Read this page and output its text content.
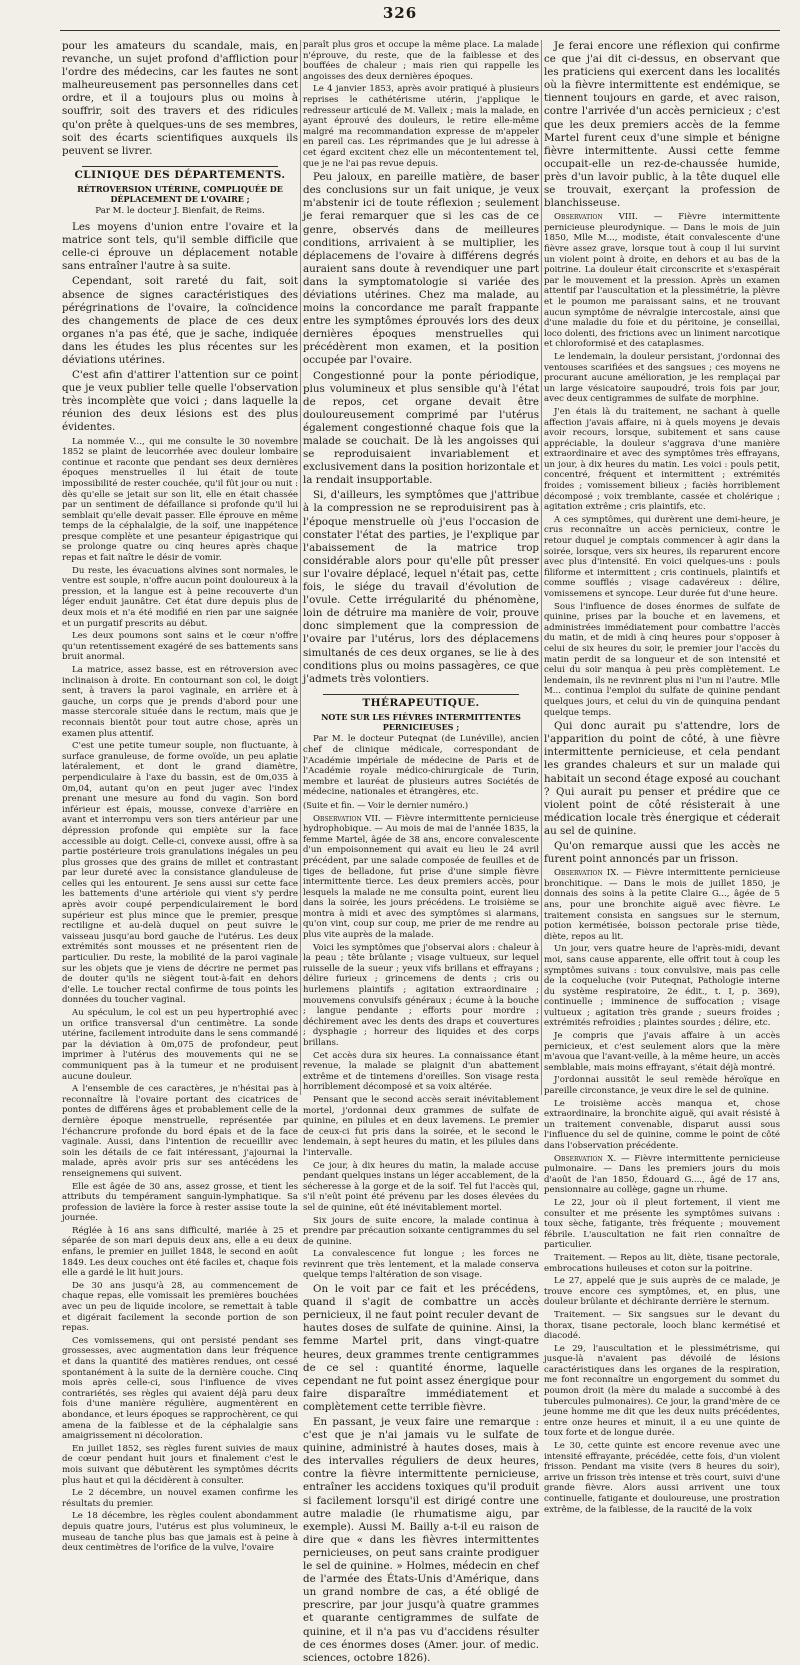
326

pour les amateurs du scandale, mais, en revanche, un sujet profond d'affliction pour l'ordre des médecins, car les fautes ne sont malheureusement pas personnelles dans cet ordre, et il a toujours plus ou moins à souffrir, soit des travers et des ridicules qu'on prête à quelques-uns de ses membres, soit des écarts scientifiques auxquels ils peuvent se livrer.

CLINIQUE DES DÉPARTEMENTS.
RÉTROVERSION UTÉRINE, COMPLIQUÉE DE DÉPLACEMENT DE L'OVAIRE ;
Par M. le docteur J. Bienfait, de Reims.

Les moyens d'union entre l'ovaire et la matrice sont tels, qu'il semble difficile que celle-ci éprouve un déplacement notable sans entraîner l'autre à sa suite.

Cependant, soit rareté du fait, soit absence de signes caractéristiques des pérégrinations de l'ovaire, la coïncidence des changements de place de ces deux organes n'a pas été, que je sache, indiquée dans les études les plus récentes sur les déviations utérines.

C'est afin d'attirer l'attention sur ce point que je veux publier telle quelle l'observation très incomplète que voici ; dans laquelle la réunion des deux lésions est des plus évidentes.

La nommée V..., qui me consulte le 30 novembre 1852 se plaint de leucorrhée avec douleur lombaire continue et raconte que pendant ses deux dernières époques menstruelles il lui était de toute impossibilité de rester couchée, qu'il fût jour ou nuit : dès qu'elle se jetait sur son lit, elle en était chassée par un sentiment de défaillance si profonde qu'il lui semblait qu'elle devait passer. Elle éprouve en même temps de la céphalalgie, de la soif, une inappétence presque complète et une pesanteur épigastrique qui se prolonge quatre ou cinq heures après chaque repas et fait naître le désir de vomir.

Du reste, les évacuations alvines sont normales, le ventre est souple, n'offre aucun point douloureux à la pression, et la langue est à peine recouverte d'un léger enduit jaunâtre. Cet état dure depuis plus de deux mois et n'a été modifié en rien par une saignée et un purgatif prescrits au début.

Les deux poumons sont sains et le cœur n'offre qu'un retentissement exagéré de ses battements sans bruit anormal.

La matrice, assez basse, est en rétroversion avec inclinaison à droite. En contournant son col, le doigt sent, à travers la paroi vaginale, en arrière et à gauche, un corps que je prends d'abord pour une masse stercorale située dans le rectum, mais que je reconnais bientôt pour tout autre chose, après un examen plus attentif.

C'est une petite tumeur souple, non fluctuante, à surface granuleuse, de forme ovoïde, un peu aplatie latéralement, et dont le grand diamètre, perpendiculaire à l'axe du bassin, est de 0m,035 à 0m,04, autant qu'on en peut juger avec l'index prenant une mesure au fond du vagin. Son bord inférieur est épais, mousse, convexe d'arrière en avant et interrompu vers son tiers antérieur par une dépression profonde qui empiète sur la face accessible au doigt. Celle-ci, convexe aussi, offre à sa partie postérieure trois granulations inégales un peu plus grosses que des grains de millet et contrastant par leur dureté avec la consistance glanduleuse de celles qui les entourent. Je sens aussi sur cette face les battements d'une artériole qui vient s'y perdre après avoir coupé perpendiculairement le bord supérieur est plus mince que le premier, presque rectiligne et au-delà duquel on peut suivre le vaisseau jusqu'au bord gauche de l'utérus. Les deux extrémités sont mousses et ne présentent rien de particulier. Du reste, la mobilité de la paroi vaginale sur les objets que je viens de décrire ne permet pas de douter qu'ils ne siègent tout-à-fait en dehors d'elle. Le toucher rectal confirme de tous points les données du toucher vaginal.

Au spéculum, le col est un peu hypertrophié avec un orifice transversal d'un centimètre. La sonde utérine, facilement introduite dans le sens commandé par la déviation à 0m,075 de profondeur, peut imprimer à l'utérus des mouvements qui ne se communiquent pas à la tumeur et ne produisent aucune douleur.

A l'ensemble de ces caractères, je n'hésitai pas à reconnaître là l'ovaire portant des cicatrices de pontes de différens âges et probablement celle de la dernière époque menstruelle, représentée par l'échancrure profonde du bord épais et de la face vaginale. Aussi, dans l'intention de recueillir avec soin les détails de ce fait intéressant, j'ajournai la malade, après avoir pris sur ses antécédens les renseignemens qui suivent.

Elle est âgée de 30 ans, assez grosse, et tient les attributs du tempérament sanguin-lymphatique. Sa profession de lavière la force à rester assise toute la journée.

Réglée à 16 ans sans difficulté, mariée à 25 et séparée de son mari depuis deux ans, elle a eu deux enfans, le premier en juillet 1848, le second en août 1849. Les deux couches ont été faciles et, chaque fois elle a gardé le lit huit jours.

De 30 ans jusqu'à 28, au commencement de chaque repas, elle vomissait les premières bouchées avec un peu de liquide incolore, se remettait à table et digérait facilement la seconde portion de son repas.

Ces vomissemens, qui ont persisté pendant ses grossesses, avec augmentation dans leur fréquence et dans la quantité des matières rendues, ont cessé spontanément à la suite de la dernière couche. Cinq mois après celle-ci, sous l'influence de vives contrariétés, ses règles qui avaient déjà paru deux fois d'une manière régulière, augmentèrent en abondance, et leurs époques se rapprochèrent, ce qui amena de la faiblesse et de la céphalalgie sans amaigrissement ni décoloration.

En juillet 1852, ses règles furent suivies de maux de cœur pendant huit jours et finalement c'est le mois suivant que débutèrent les symptômes décrits plus haut et qui la décidèrent à consulter.

Le 2 décembre, un nouvel examen confirme les résultats du premier.

Le 18 décembre, les règles coulent abondamment depuis quatre jours, l'utérus est plus volumineux, le museau de tanche plus bas que jamais est à peine à deux centimètres de l'orifice de la vulve, l'ovaire

paraît plus gros et occupe la même place. La malade n'éprouve, du reste, que de la faiblesse et des bouffées de chaleur ; mais rien qui rappelle les angoisses des deux dernières époques.

Le 4 janvier 1853, après avoir pratiqué à plusieurs reprises le cathétérisme utérin, j'applique le redresseur articulé de M. Valleix ; mais la malade, en ayant éprouvé des douleurs, le retire elle-même malgré ma recommandation expresse de m'appeler en pareil cas. Les réprimandes que je lui adresse à cet égard excitent chez elle un mécontentement tel, que je ne l'ai pas revue depuis.

Peu jaloux, en pareille matière, de baser des conclusions sur un fait unique, je veux m'abstenir ici de toute réflexion ; seulement je ferai remarquer que si les cas de ce genre, observés dans de meilleures conditions, arrivaient à se multiplier, les déplacemens de l'ovaire à différens degrés auraient sans doute à revendiquer une part dans la symptomatologie si variée des déviations utérines. Chez ma malade, au moins la concordance me paraît frappante entre les symptômes éprouvés lors des deux dernières époques menstruelles qui précédèrent mon examen, et la position occupée par l'ovaire.

Congestionné pour la ponte périodique, plus volumineux et plus sensible qu'à l'état de repos, cet organe devait être douloureusement comprimé par l'utérus également congestionné chaque fois que la malade se couchait. De là les angoisses qui se reproduisaient invariablement et exclusivement dans la position horizontale et la rendait insupportable.

Si, d'ailleurs, les symptômes que j'attribue à la compression ne se reproduisirent pas à l'époque menstruelle où j'eus l'occasion de constater l'état des parties, je l'explique par l'abaissement de la matrice trop considérable alors pour qu'elle pût presser sur l'ovaire déplacé, lequel n'était pas, cette fois, le siége du travail d'évolution de l'ovule. Cette irrégularité du phénomène, loin de détruire ma manière de voir, prouve donc simplement que la compression de l'ovaire par l'utérus, lors des déplacemens simultanés de ces deux organes, se lie à des conditions plus ou moins passagères, ce que j'admets très volontiers.

THÉRAPEUTIQUE.
NOTE SUR LES FIÈVRES INTERMITTENTES PERNICIEUSES ;

Par M. le docteur Puteqnat (de Lunéville), ancien chef de clinique médicale, correspondant de l'Académie impériale de médecine de Paris et de l'Académie royale médico-chirurgicale de Turin, membre et lauréat de plusieurs autres Sociétés de médecine, nationales et étrangères, etc.

(Suite et fin. — Voir le dernier numéro.)

Observation VII. — Fièvre intermittente pernicieuse hydrophobique. — Au mois de mai de l'année 1835, la femme Martel, âgée de 38 ans, encore convalescente d'un empoisonnement qui avait eu lieu le 24 avril précédent, par une salade composée de feuilles et de tiges de belladone, fut prise d'une simple fièvre intermittente tierce. Les deux premiers accès, pour lesquels la malade ne me consulta point, eurent lieu dans la soirée, les jours précédens. Le troisième se montra à midi et avec des symptômes si alarmans, qu'on vint, coup sur coup, me prier de me rendre au plus vite auprès de la malade.

Voici les symptômes que j'observai alors : chaleur à la peau ; tête brûlante ; visage vultueux, sur lequel ruisselle de la sueur ; yeux vifs brillans et effrayans ; délire furieux ; grincemens de dents ; cris ou hurlemens plaintifs ; agitation extraordinaire ; mouvemens convulsifs généraux ; écume à la bouche ; langue pendante ; efforts pour mordre ; déchirement avec les dents des draps et couvertures ; dysphagie ; horreur des liquides et des corps brillans.

Cet accès dura six heures. La connaissance étant revenue, la malade se plaignit d'un abattement extrême et de tintemens d'oreilles. Son visage resta horriblement décomposé et sa voix altérée.

Pensant que le second accès serait inévitablement mortel, j'ordonnai deux grammes de sulfate de quinine, en pilules et en deux lavemens. Le premier de ceux-ci fut pris dans la soirée, et le second le lendemain, à sept heures du matin, et les pilules dans l'intervalle.

Ce jour, à dix heures du matin, la malade accuse pendant quelques instans un léger accablement, de la sécheresse à la gorge et de la soif. Tel fut l'accès qui, s'il n'eût point été prévenu par les doses élevées du sel de quinine, eût été inévitablement mortel.

Six jours de suite encore, la malade continua à prendre par précaution soixante centigrammes du sel de quinine.

La convalescence fut longue ; les forces ne revinrent que très lentement, et la malade conserva quelque temps l'altération de son visage.

On le voit par ce fait et les précédens, quand il s'agit de combattre un accès pernicieux, il ne faut point reculer devant de hautes doses de sulfate de quinine. Ainsi, la femme Martel prit, dans vingt-quatre heures, deux grammes trente centigrammes de ce sel : quantité énorme, laquelle cependant ne fut point assez énergique pour faire disparaître immédiatement et complètement cette terrible fièvre.

En passant, je veux faire une remarque : c'est que je n'ai jamais vu le sulfate de quinine, administré à hautes doses, mais à des intervalles réguliers de deux heures, contre la fièvre intermittente pernicieuse, entraîner les accidens toxiques qu'il produit si facilement lorsqu'il est dirigé contre une autre maladie (le rhumatisme aigu, par exemple). Aussi M. Bailly a-t-il eu raison de dire que « dans les fièvres intermittentes pernicieuses, on peut sans crainte prodiguer le sel de quinine. » Holmes, médecin en chef de l'armée des États-Unis d'Amérique, dans un grand nombre de cas, a été obligé de prescrire, par jour jusqu'à quatre grammes et quarante centigrammes de sulfate de quinine, et il n'a pas vu d'accidens résulter de ces énormes doses (Amer. jour. of medic. sciences, octobre 1826).

Je ferai encore une réflexion qui confirme ce que j'ai dit ci-dessus, en observant que les praticiens qui exercent dans les localités où la fièvre intermittente est endémique, se tiennent toujours en garde, et avec raison, contre l'arrivée d'un accès pernicieux ; c'est que les deux premiers accès de la femme Martel furent ceux d'une simple et bénigne fièvre intermittente. Aussi cette femme occupait-elle un rez-de-chaussée humide, près d'un lavoir public, à la tête duquel elle se trouvait, exerçant la profession de blanchisseuse.

Observation VIII. — Fièvre intermittente pernicieuse pleurodynique. — Dans le mois de juin 1850, Mlle M..., modiste, était convalescente d'une fièvre assez grave, lorsque tout à coup il lui survint un violent point à droite, en dehors et au bas de la poitrine. La douleur était circonscrite et s'exaspérait par le mouvement et la pression. Après un examen attentif par l'auscultation et la plessimétrie, la plèvre et le poumon me paraissant sains, et ne trouvant aucun symptôme de névralgie intercostale, ainsi que d'une maladie du foie et du péritoine, je conseillai, loco dolenti, des frictions avec un liniment narcotique et chloroformisé et des cataplasmes.

Le lendemain, la douleur persistant, j'ordonnai des ventouses scarifiées et des sangsues ; ces moyens ne procurant aucune amélioration, je les remplaçai par un large vésicatoire saupoudré, trois fois par jour, avec deux centigrammes de sulfate de morphine.

J'en étais là du traitement, ne sachant à quelle affection j'avais affaire, ni à quels moyens je devais avoir recours, lorsque, subitement et sans cause appréciable, la douleur s'aggrava d'une manière extraordinaire et avec des symptômes très effrayans, un jour, à dix heures du matin. Les voici : pouls petit, concentré, fréquent et intermittent ; extrémités froides ; vomissement bilieux ; faciès horriblement décomposé ; voix tremblante, cassée et cholérique ; agitation extrême ; cris plaintifs, etc.

A ces symptômes, qui durèrent une demi-heure, je crus reconnaître un accès pernicieux, contre le retour duquel je comptais commencer à agir dans la soirée, lorsque, vers six heures, ils reparurent encore avec plus d'intensité. En voici quelques-uns : pouls filiforme et intermittent ; cris continuels, plaintifs et comme soufflés ; visage cadavéreux : délire, vomissemens et syncope. Leur durée fut d'une heure.

Sous l'influence de doses énormes de sulfate de quinine, prises par la bouche et en lavemens, et administrées immédiatement pour combattre l'accès du matin, et de midi à cinq heures pour s'opposer à celui de six heures du soir, le premier jour l'accès du matin perdit de sa longueur et de son intensité et celui du soir manqua à peu près complètement. Le lendemain, ils ne revinrent plus ni l'un ni l'autre. Mlle M... continua l'emploi du sulfate de quinine pendant quelques jours, et celui du vin de quinquina pendant quelque temps.

Qui donc aurait pu s'attendre, lors de l'apparition du point de côté, à une fièvre intermittente pernicieuse, et cela pendant les grandes chaleurs et sur un malade qui habitait un second étage exposé au couchant ? Qui aurait pu penser et prédire que ce violent point de côté résisterait à une médication locale très énergique et céderait au sel de quinine.

Qu'on remarque aussi que les accès ne furent point annoncés par un frisson.

Observation IX. — Fièvre intermittente pernicieuse bronchitique. — Dans le mois de juillet 1850, je donnais des soins à la petite Claire G..., âgée de 5 ans, pour une bronchite aiguë avec fièvre. Le traitement consista en sangsues sur le sternum, potion kermétisée, boisson pectorale prise tiède, diète, repos au lit.

Un jour, vers quatre heure de l'après-midi, devant moi, sans cause apparente, elle offrit tout à coup les symptômes suivans : toux convulsive, mais pas celle de la coqueluche (voir Puteqnat, Pathologie interne du système respiratoire, 2e édit., t. I, p. 369), continuelle ; imminence de suffocation ; visage vultueux ; agitation très grande ; sueurs froides ; extrémités refroidies ; plaintes sourdes ; délire, etc.

Je compris que j'avais affaire à un accès pernicieux, et c'est seulement alors que la mère m'avoua que l'avant-veille, à la même heure, un accès semblable, mais moins effrayant, s'était déjà montré.

J'ordonnai aussitôt le seul remède héroïque en pareille circonstance, je veux dire le sel de quinine.

Le troisième accès manqua et, chose extraordinaire, la bronchite aiguë, qui avait résisté à un traitement convenable, disparut aussi sous l'influence du sel de quinine, comme le point de côté dans l'observation précédente.

Observation X. — Fièvre intermittente pernicieuse pulmonaire. — Dans les premiers jours du mois d'août de l'an 1850, Édouard G...., âgé de 17 ans, pensionnaire au collège, gagne un rhume.

Le 22, jour où il pleut fortement, il vient me consulter et me présente les symptômes suivans : toux sèche, fatigante, très fréquente ; mouvement fébrile. L'auscultation ne fait rien connaître de particulier.

Traitement. — Repos au lit, diète, tisane pectorale, embrocations huileuses et coton sur la poitrine.

Le 27, appelé que je suis auprès de ce malade, je trouve encore ces symptômes, et, en plus, une douleur brûlante et déchirante derrière le sternum.

Traitement. — Six sangsues sur le devant du thorax, tisane pectorale, looch blanc kermétisé et diacodé.

Le 29, l'auscultation et le plessimétrisme, qui jusque-là n'avaient pas dévoilé de lésions caractéristiques dans les organes de la respiration, me font reconnaître un engorgement du sommet du poumon droit (la mère du malade a succombé à des tubercules pulmonaires). Ce jour, la grand'mère de ce jeune homme me dit que les deux nuits précédentes, entre onze heures et minuit, il a eu une quinte de toux forte et de longue durée.

Le 30, cette quinte est encore revenue avec une intensité effrayante, précédée, cette fois, d'un violent frisson. Pendant ma visite (vers 8 heures du soir), arrive un frisson très intense et très court, suivi d'une grande fièvre. Alors aussi arrivent une toux continuelle, fatigante et douloureuse, une prostration extrême, de la faiblesse, de la raucité de la voix
